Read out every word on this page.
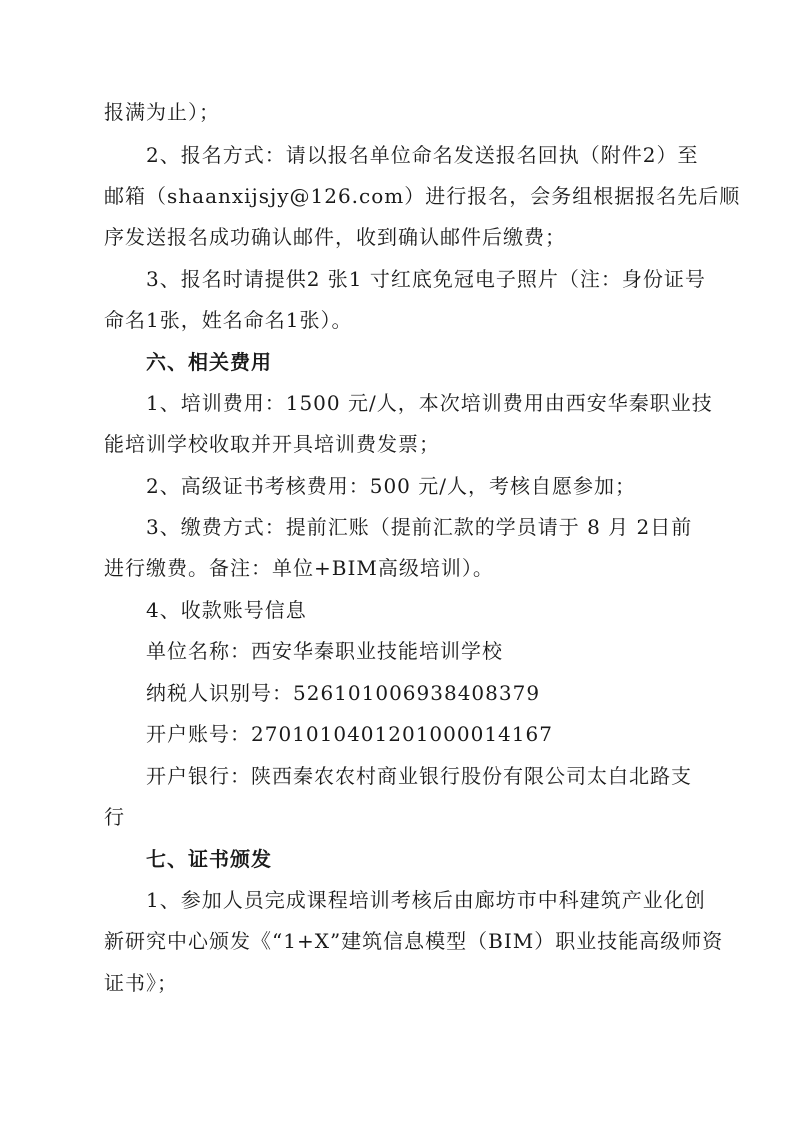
报满为止）；
2、报名方式：请以报名单位命名发送报名回执（附件2）至
邮箱（shaanxijsjy@126.com）进行报名，会务组根据报名先后顺
序发送报名成功确认邮件，收到确认邮件后缴费；
3、报名时请提供2 张1 寸红底免冠电子照片（注：身份证号
命名1张，姓名命名1张）。
六、相关费用
1、培训费用：1500 元/人，本次培训费用由西安华秦职业技
能培训学校收取并开具培训费发票；
2、高级证书考核费用：500 元/人，考核自愿参加；
3、缴费方式：提前汇账（提前汇款的学员请于 8 月 2日前
进行缴费。备注：单位+BIM高级培训）。
4、收款账号信息
单位名称：西安华秦职业技能培训学校
纳税人识别号：526101006938408379
开户账号：27010104012010000​14167
开户银行：陕西秦农农村商业银行股份有限公司太白北路支
行
七、证书颁发
1、参加人员完成课程培训考核后由廊坊市中科建筑产业化创
新研究中心颁发《“1+X”建筑信息模型（BIM）职业技能高级师资
证书》；
